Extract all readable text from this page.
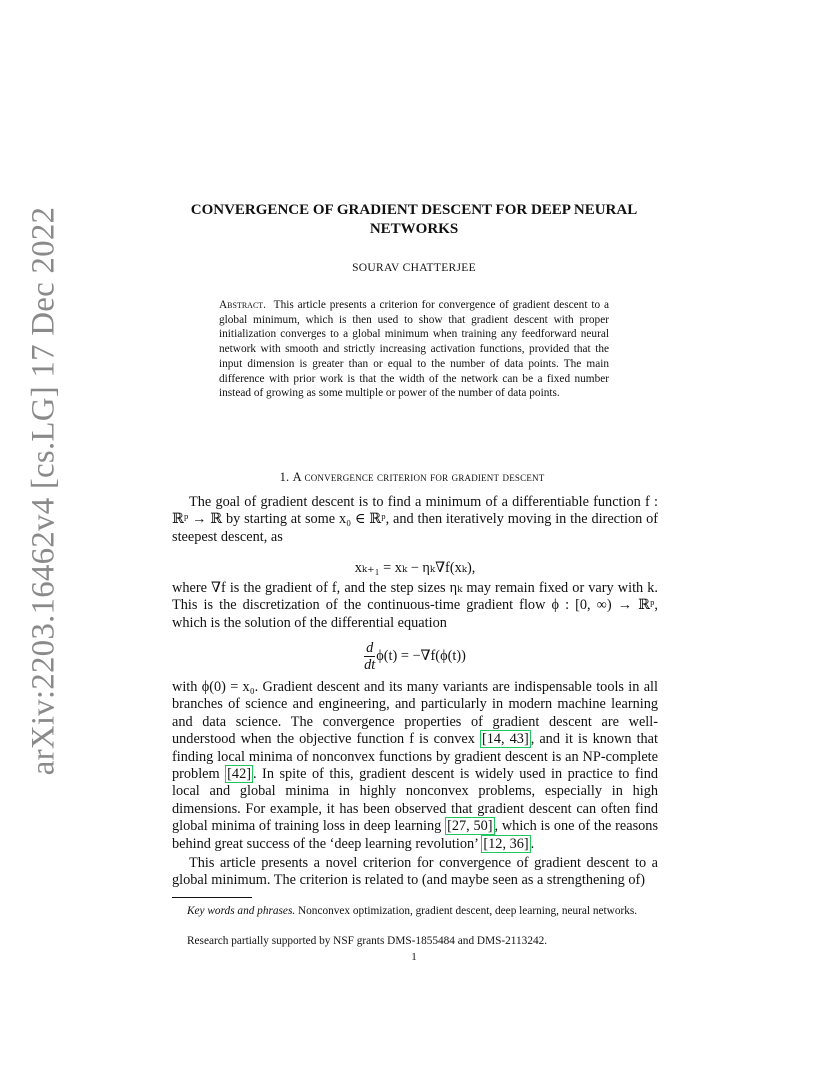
arXiv:2203.16462v4 [cs.LG] 17 Dec 2022	CONVERGENCE OF GRADIENT DESCENT FOR DEEP NEURAL NETWORKS
SOURAV CHATTERJEE
Abstract. This article presents a criterion for convergence of gradient descent to a global minimum, which is then used to show that gradient descent with proper initialization converges to a global minimum when training any feedforward neural network with smooth and strictly increasing activation functions, provided that the input dimension is greater than or equal to the number of data points. The main difference with prior work is that the width of the network can be a fixed number instead of growing as some multiple or power of the number of data points.
1. A convergence criterion for gradient descent

The goal of gradient descent is to find a minimum of a differentiable function f : ℝᵖ → ℝ by starting at some x₀ ∈ ℝᵖ, and then iteratively moving in the direction of steepest descent, as

xₖ₊₁ = xₖ − ηₖ∇f(xₖ),

where ∇f is the gradient of f, and the step sizes ηₖ may remain fixed or vary with k. This is the discretization of the continuous-time gradient flow ϕ : [0, ∞) → ℝᵖ, which is the solution of the differential equation

$\frac{d}{dt} \phi(t) = -\nabla f(\phi(t))$

with ϕ(0) = x₀. Gradient descent and its many variants are indispensable tools in all branches of science and engineering, and particularly in modern machine learning and data science. The convergence properties of gradient descent are well-understood when the objective function f is convex [14, 43] , and it is known that finding local minima of nonconvex functions by gradient descent is an NP-complete problem [42] . In spite of this, gradient descent is widely used in practice to find local and global minima in highly nonconvex problems, especially in high dimensions. For example, it has been observed that gradient descent can often find global minima of training loss in deep learning [27, 50] , which is one of the reasons behind great success of the ‘deep learning revolution’ [12, 36] .

This article presents a novel criterion for convergence of gradient descent to a global minimum. The criterion is related to (and maybe seen as a strengthening of)

Key words and phrases. Nonconvex optimization, gradient descent, deep learning, neural networks.

Research partially supported by NSF grants DMS-1855484 and DMS-2113242.

1
